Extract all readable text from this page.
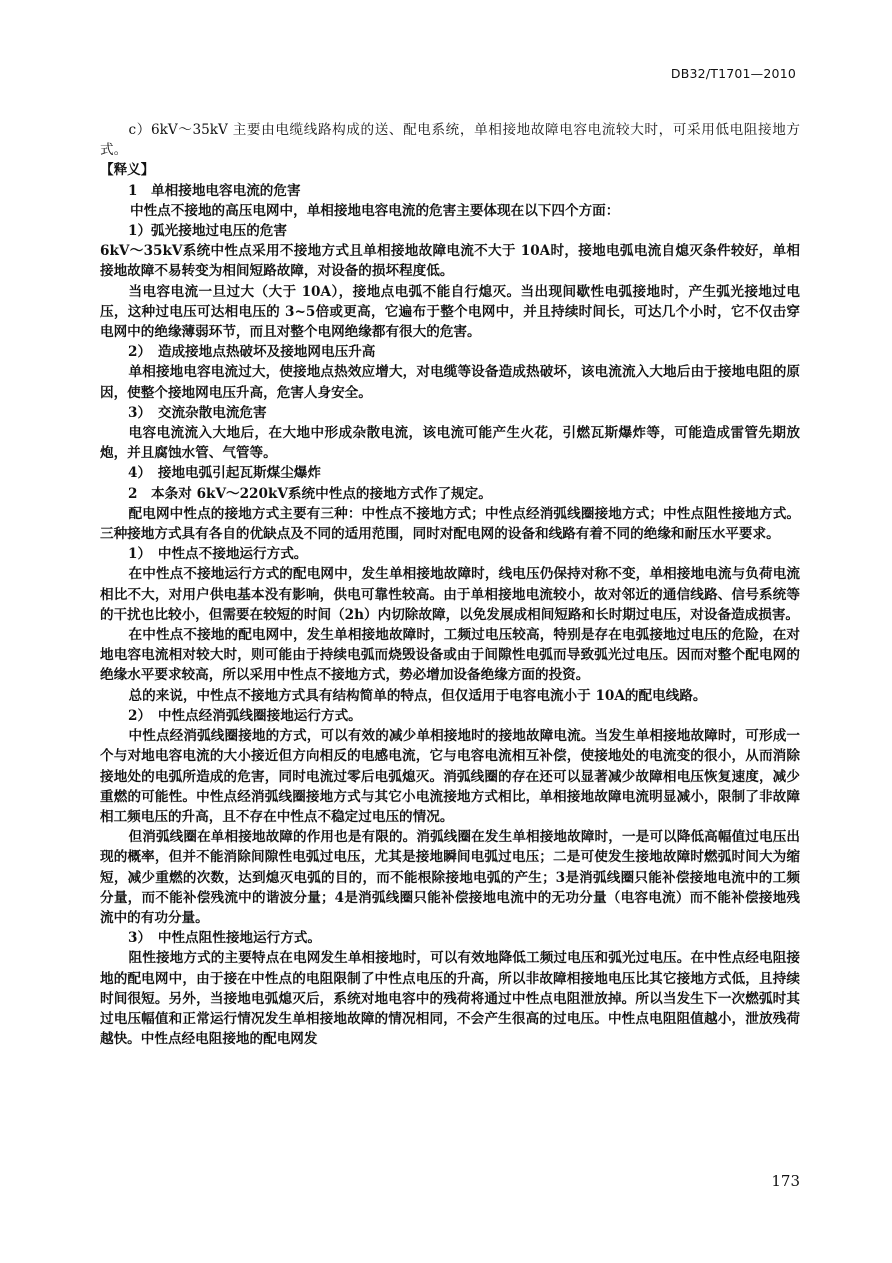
DB32/T1701—2010

c）6kV～35kV 主要由电缆线路构成的送、配电系统，单相接地故障电容电流较大时，可采用低电阻接地方式。

【释义】

1　单相接地电容电流的危害

中性点不接地的高压电网中，单相接地电容电流的危害主要体现在以下四个方面：

1）弧光接地过电压的危害

6kV～35kV系统中性点采用不接地方式且单相接地故障电流不大于 10A时，接地电弧电流自熄灭条件较好，单相接地故障不易转变为相间短路故障，对设备的损坏程度低。

当电容电流一旦过大（大于 10A），接地点电弧不能自行熄灭。当出现间歇性电弧接地时，产生弧光接地过电压，这种过电压可达相电压的 3~5倍或更高，它遍布于整个电网中，并且持续时间长，可达几个小时，它不仅击穿电网中的绝缘薄弱环节，而且对整个电网绝缘都有很大的危害。

2）　造成接地点热破坏及接地网电压升高

单相接地电容电流过大，使接地点热效应增大，对电缆等设备造成热破坏，该电流流入大地后由于接地电阻的原因，使整个接地网电压升高，危害人身安全。

3）　交流杂散电流危害

电容电流流入大地后，在大地中形成杂散电流，该电流可能产生火花，引燃瓦斯爆炸等，可能造成雷管先期放炮，并且腐蚀水管、气管等。

4）　接地电弧引起瓦斯煤尘爆炸

2　本条对 6kV～220kV系统中性点的接地方式作了规定。

配电网中性点的接地方式主要有三种：中性点不接地方式；中性点经消弧线圈接地方式；中性点阻性接地方式。三种接地方式具有各自的优缺点及不同的适用范围，同时对配电网的设备和线路有着不同的绝缘和耐压水平要求。

1）　中性点不接地运行方式。

在中性点不接地运行方式的配电网中，发生单相接地故障时，线电压仍保持对称不变，单相接地电流与负荷电流相比不大，对用户供电基本没有影响，供电可靠性较高。由于单相接地电流较小，故对邻近的通信线路、信号系统等的干扰也比较小，但需要在较短的时间（2h）内切除故障，以免发展成相间短路和长时期过电压，对设备造成损害。

在中性点不接地的配电网中，发生单相接地故障时，工频过电压较高，特别是存在电弧接地过电压的危险，在对地电容电流相对较大时，则可能由于持续电弧而烧毁设备或由于间隙性电弧而导致弧光过电压。因而对整个配电网的绝缘水平要求较高，所以采用中性点不接地方式，势必增加设备绝缘方面的投资。

总的来说，中性点不接地方式具有结构简单的特点，但仅适用于电容电流小于 10A的配电线路。

2）　中性点经消弧线圈接地运行方式。

中性点经消弧线圈接地的方式，可以有效的减少单相接地时的接地故障电流。当发生单相接地故障时，可形成一个与对地电容电流的大小接近但方向相反的电感电流，它与电容电流相互补偿，使接地处的电流变的很小，从而消除接地处的电弧所造成的危害，同时电流过零后电弧熄灭。消弧线圈的存在还可以显著减少故障相电压恢复速度，减少重燃的可能性。中性点经消弧线圈接地方式与其它小电流接地方式相比，单相接地故障电流明显减小，限制了非故障相工频电压的升高，且不存在中性点不稳定过电压的情况。

但消弧线圈在单相接地故障的作用也是有限的。消弧线圈在发生单相接地故障时，一是可以降低高幅值过电压出现的概率，但并不能消除间隙性电弧过电压，尤其是接地瞬间电弧过电压；二是可使发生接地故障时燃弧时间大为缩短，减少重燃的次数，达到熄灭电弧的目的，而不能根除接地电弧的产生；3是消弧线圈只能补偿接地电流中的工频分量，而不能补偿残流中的谐波分量；4是消弧线圈只能补偿接地电流中的无功分量（电容电流）而不能补偿接地残流中的有功分量。

3）　中性点阻性接地运行方式。

阻性接地方式的主要特点在电网发生单相接地时，可以有效地降低工频过电压和弧光过电压。在中性点经电阻接地的配电网中，由于接在中性点的电阻限制了中性点电压的升高，所以非故障相接地电压比其它接地方式低，且持续时间很短。另外，当接地电弧熄灭后，系统对地电容中的残荷将通过中性点电阻泄放掉。所以当发生下一次燃弧时其过电压幅值和正常运行情况发生单相接地故障的情况相同，不会产生很高的过电压。中性点电阻阻值越小，泄放残荷越快。中性点经电阻接地的配电网发

173
